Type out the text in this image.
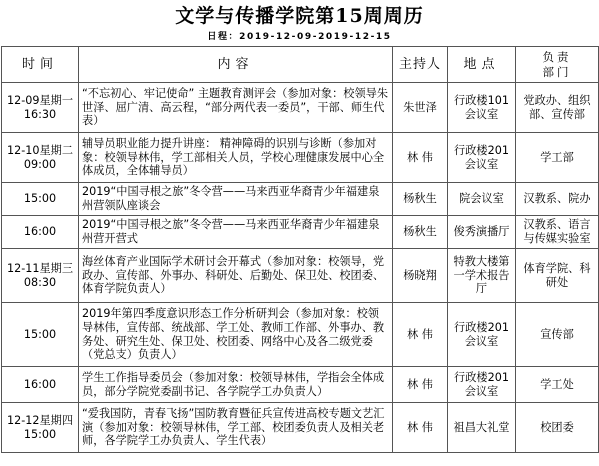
文学与传播学院第15周周历
日程：2019-12-09-2019-12-15
时间	内容	主持人	地点	负责
部门

12-09星期一
16:30	“不忘初心、牢记使命” 主题教育测评会（参加对象：校领导朱世泽、屈广清、高云程，“部分两代表一委员”，干部、师生代表）	朱世泽	行政楼101会议室	党政办、组织部、宣传部

12-10星期二
09:00	辅导员职业能力提升讲座： 精神障碍的识别与诊断（参加对象：校领导林伟，学工部相关人员，学校心理健康发展中心全体成员，全体辅导员）	林 伟	行政楼201会议室	学工部

15:00	2019“中国寻根之旅”冬令营——马来西亚华裔青少年福建泉州营领队座谈会	杨秋生	院会议室	汉教系、院办

16:00	2019“中国寻根之旅”冬令营——马来西亚华裔青少年福建泉州营开营式	杨秋生	俊秀演播厅	汉教系、语言与传媒实验室

12-11星期三
08:30	海丝体育产业国际学术研讨会开幕式（参加对象：校领导，党政办、宣传部、外事办、科研处、后勤处、保卫处、校团委、体育学院负责人）	杨晓翔	特教大楼第一学术报告厅	体育学院、科研处

15:00	2019年第四季度意识形态工作分析研判会（参加对象：校领导林伟，宣传部、统战部、学工处、教师工作部、外事办、教务处、研究生处、保卫处、校团委、网络中心及各二级党委（党总支）负责人）	林 伟	行政楼201会议室	宣传部

16:00	学生工作指导委员会（参加对象：校领导林伟，学指会全体成员，部分学院党委副书记、各学院学工办负责人）	林 伟	行政楼201会议室	学工处

12-12星期四
15:00	“爱我国防，青春飞扬”国防教育暨征兵宣传进高校专题文艺汇演（参加对象：校领导林伟，学工部、校团委负责人及相关老师，各学院学工办负责人、学生代表）	林 伟	祖昌大礼堂	校团委
